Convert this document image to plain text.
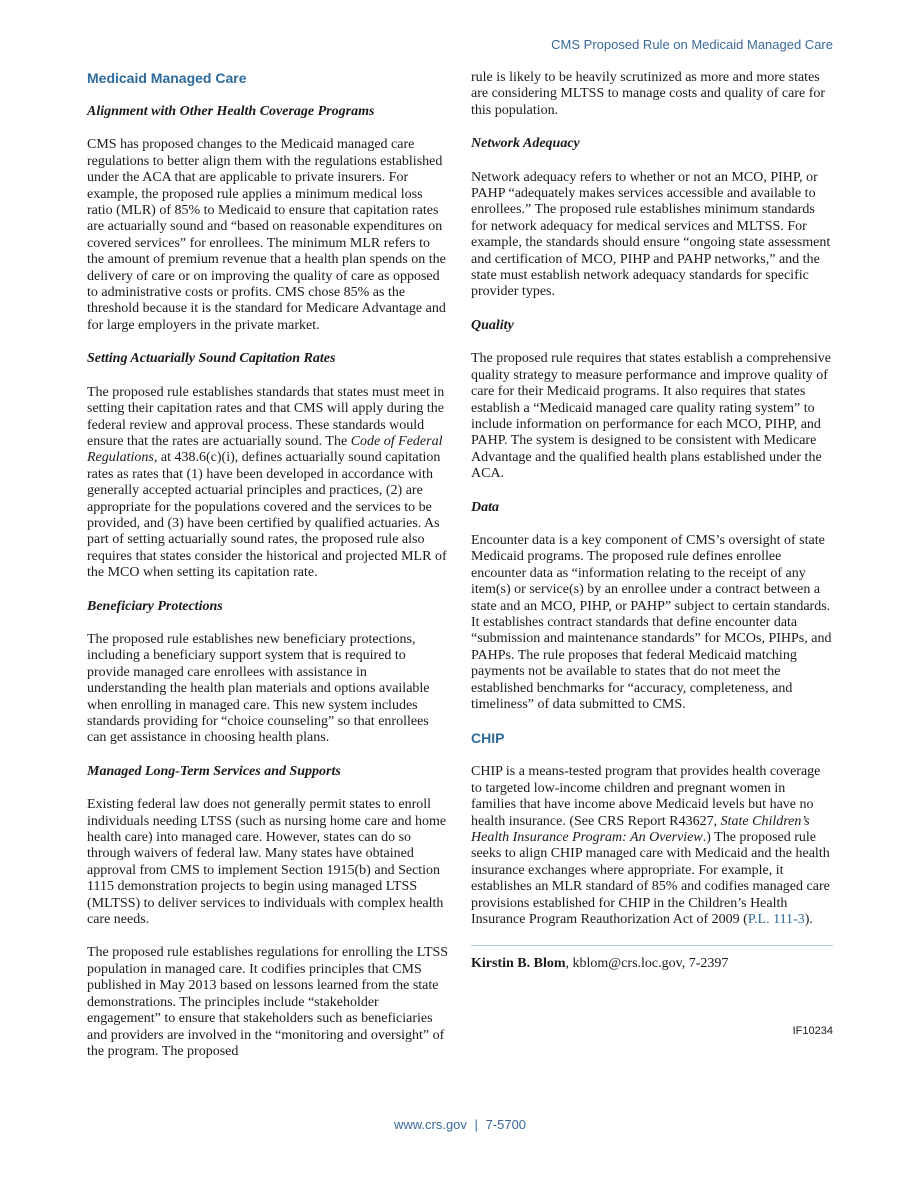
CMS Proposed Rule on Medicaid Managed Care
Medicaid Managed Care
Alignment with Other Health Coverage Programs

CMS has proposed changes to the Medicaid managed care regulations to better align them with the regulations established under the ACA that are applicable to private insurers. For example, the proposed rule applies a minimum medical loss ratio (MLR) of 85% to Medicaid to ensure that capitation rates are actuarially sound and “based on reasonable expenditures on covered services” for enrollees. The minimum MLR refers to the amount of premium revenue that a health plan spends on the delivery of care or on improving the quality of care as opposed to administrative costs or profits. CMS chose 85% as the threshold because it is the standard for Medicare Advantage and for large employers in the private market.

Setting Actuarially Sound Capitation Rates

The proposed rule establishes standards that states must meet in setting their capitation rates and that CMS will apply during the federal review and approval process. These standards would ensure that the rates are actuarially sound. The Code of Federal Regulations, at 438.6(c)(i), defines actuarially sound capitation rates as rates that (1) have been developed in accordance with generally accepted actuarial principles and practices, (2) are appropriate for the populations covered and the services to be provided, and (3) have been certified by qualified actuaries. As part of setting actuarially sound rates, the proposed rule also requires that states consider the historical and projected MLR of the MCO when setting its capitation rate.

Beneficiary Protections

The proposed rule establishes new beneficiary protections, including a beneficiary support system that is required to provide managed care enrollees with assistance in understanding the health plan materials and options available when enrolling in managed care. This new system includes standards providing for “choice counseling” so that enrollees can get assistance in choosing health plans.

Managed Long-Term Services and Supports

Existing federal law does not generally permit states to enroll individuals needing LTSS (such as nursing home care and home health care) into managed care. However, states can do so through waivers of federal law. Many states have obtained approval from CMS to implement Section 1915(b) and Section 1115 demonstration projects to begin using managed LTSS (MLTSS) to deliver services to individuals with complex health care needs.

The proposed rule establishes regulations for enrolling the LTSS population in managed care. It codifies principles that CMS published in May 2013 based on lessons learned from the state demonstrations. The principles include “stakeholder engagement” to ensure that stakeholders such as beneficiaries and providers are involved in the “monitoring and oversight” of the program. The proposed

rule is likely to be heavily scrutinized as more and more states are considering MLTSS to manage costs and quality of care for this population.

Network Adequacy

Network adequacy refers to whether or not an MCO, PIHP, or PAHP “adequately makes services accessible and available to enrollees.” The proposed rule establishes minimum standards for network adequacy for medical services and MLTSS. For example, the standards should ensure “ongoing state assessment and certification of MCO, PIHP and PAHP networks,” and the state must establish network adequacy standards for specific provider types.

Quality

The proposed rule requires that states establish a comprehensive quality strategy to measure performance and improve quality of care for their Medicaid programs. It also requires that states establish a “Medicaid managed care quality rating system” to include information on performance for each MCO, PIHP, and PAHP. The system is designed to be consistent with Medicare Advantage and the qualified health plans established under the ACA.

Data

Encounter data is a key component of CMS’s oversight of state Medicaid programs. The proposed rule defines enrollee encounter data as “information relating to the receipt of any item(s) or service(s) by an enrollee under a contract between a state and an MCO, PIHP, or PAHP” subject to certain standards. It establishes contract standards that define encounter data “submission and maintenance standards” for MCOs, PIHPs, and PAHPs. The rule proposes that federal Medicaid matching payments not be available to states that do not meet the established benchmarks for “accuracy, completeness, and timeliness” of data submitted to CMS.

CHIP

CHIP is a means-tested program that provides health coverage to targeted low-income children and pregnant women in families that have income above Medicaid levels but have no health insurance. (See CRS Report R43627, State Children’s Health Insurance Program: An Overview.) The proposed rule seeks to align CHIP managed care with Medicaid and the health insurance exchanges where appropriate. For example, it establishes an MLR standard of 85% and codifies managed care provisions established for CHIP in the Children’s Health Insurance Program Reauthorization Act of 2009 (P.L. 111-3).

Kirstin B. Blom, kblom@crs.loc.gov, 7-2397

IF10234
www.crs.gov | 7-5700
